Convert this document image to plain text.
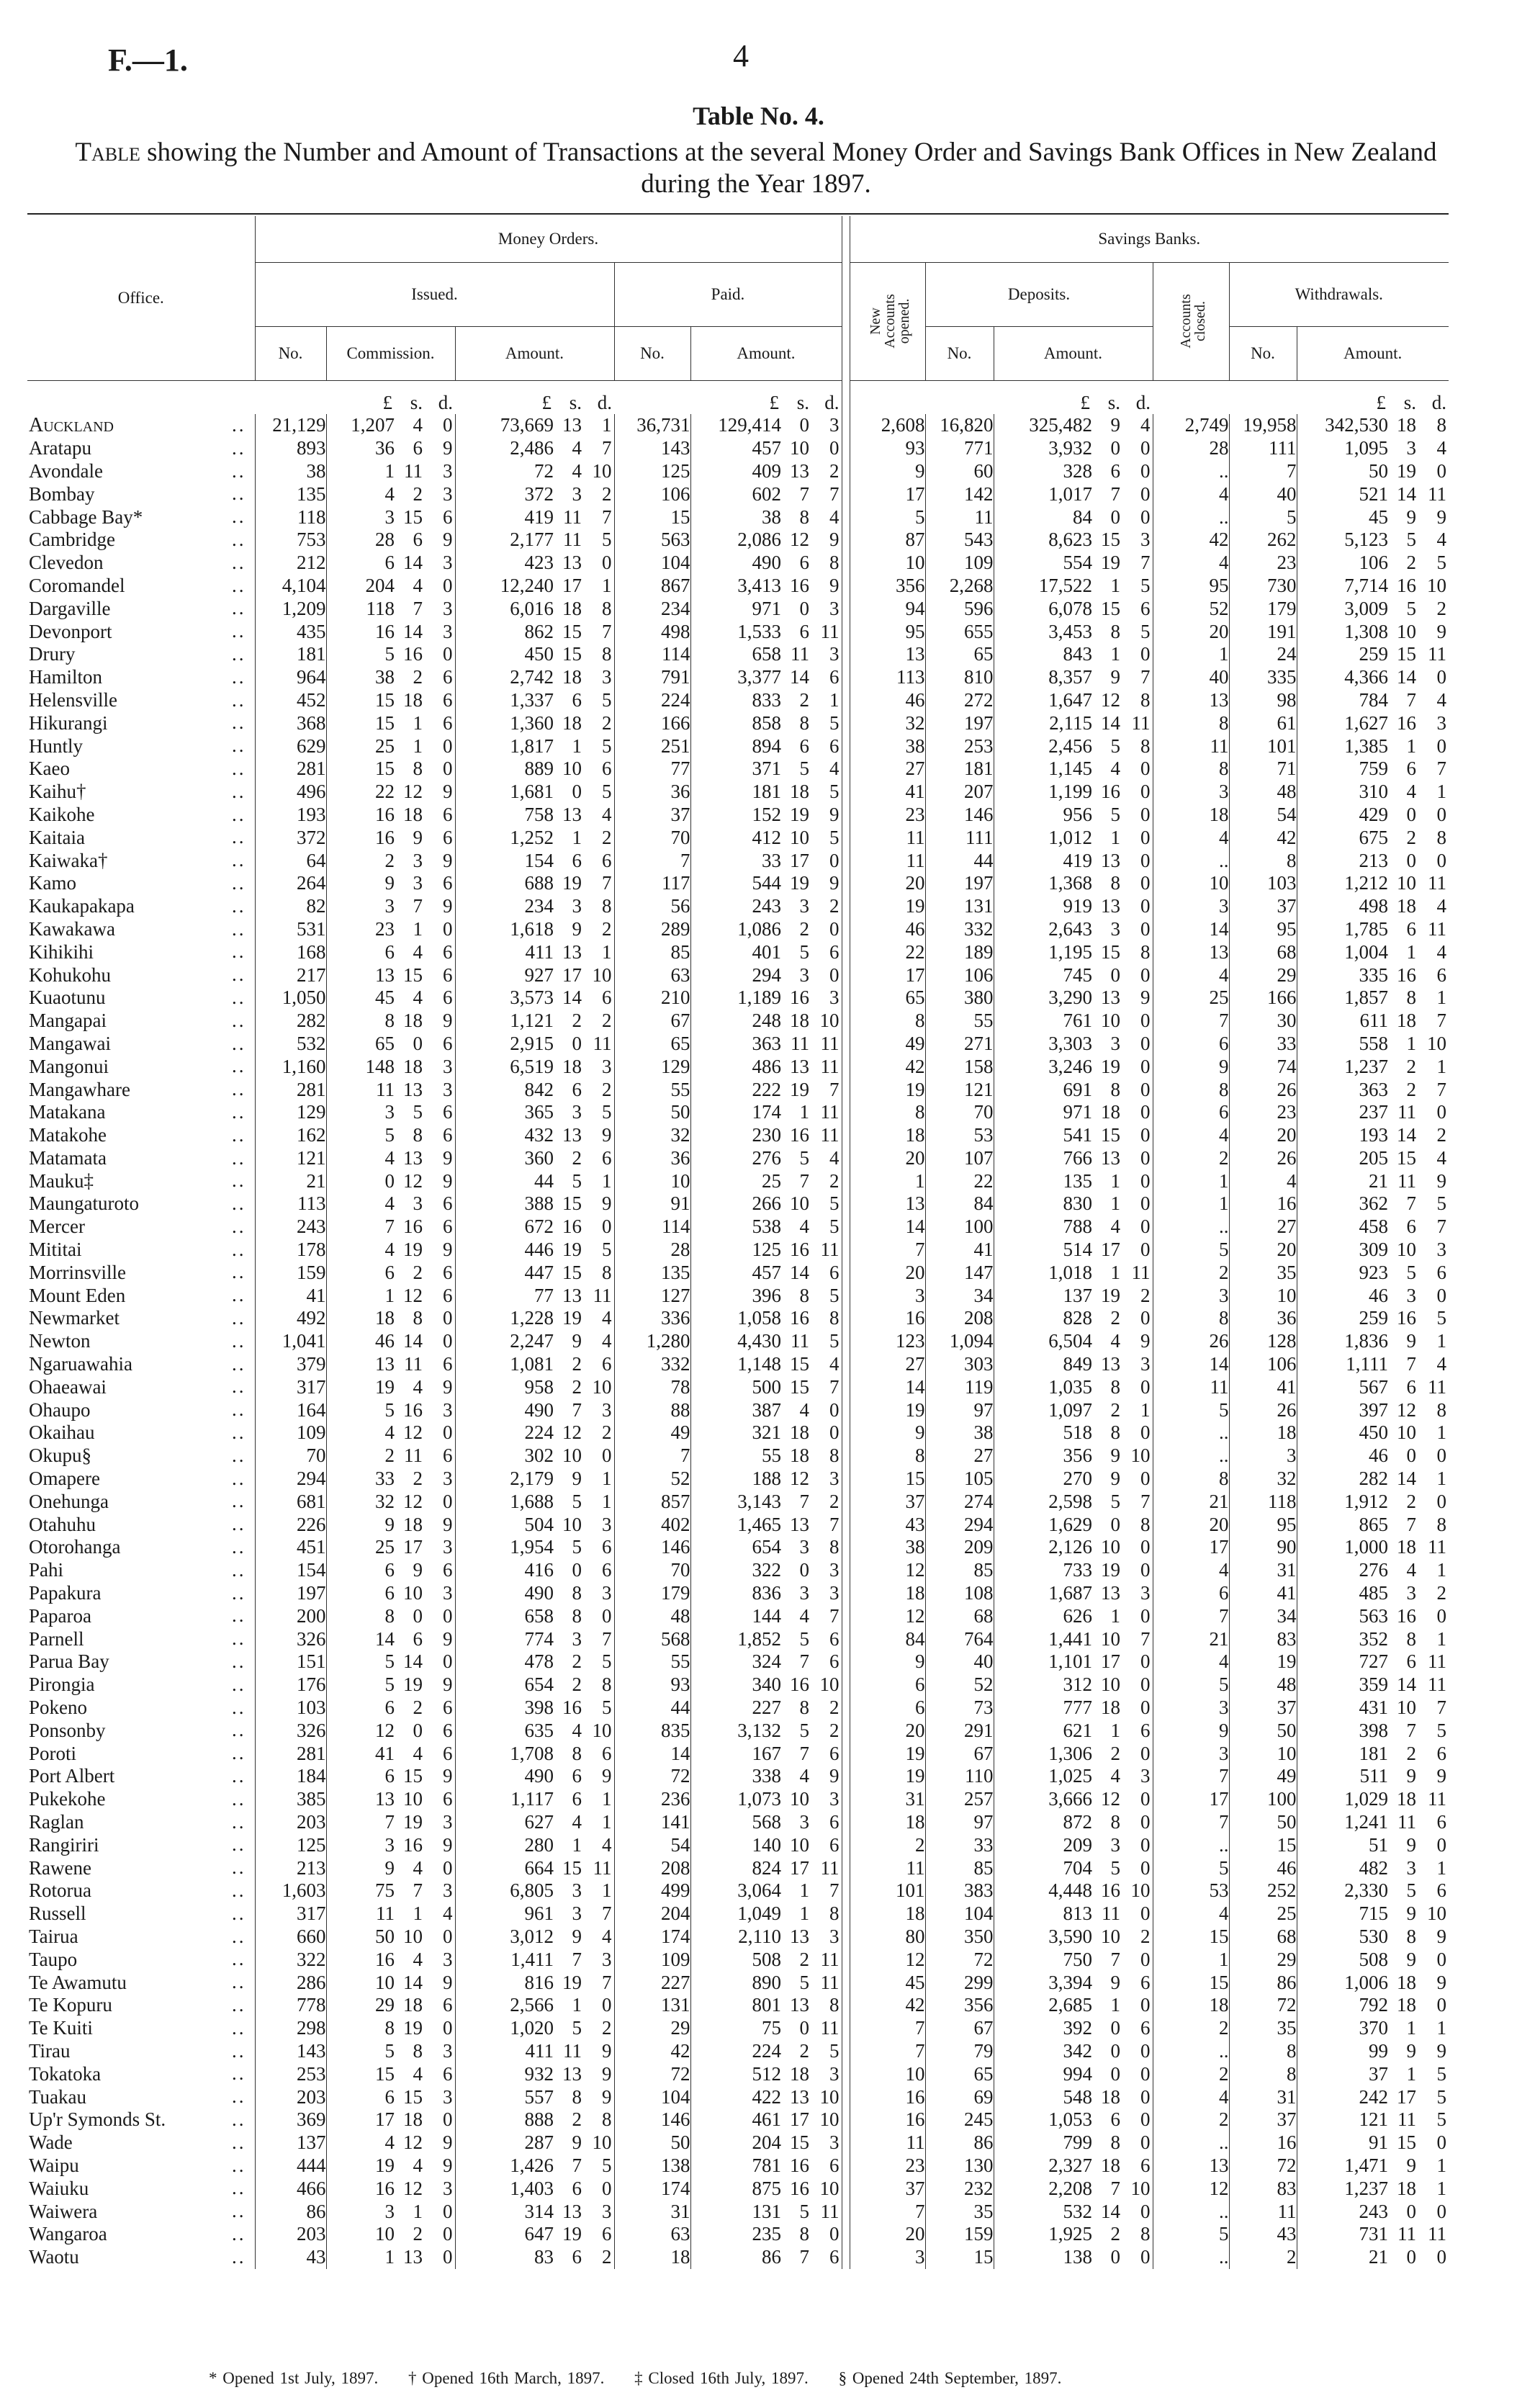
F.—1.	4
Table No. 4.
Table showing the Number and Amount of Transactions at the several Money Order and Savings Bank Offices in New Zealand during the Year 1897.
Office.	Money Orders.												Savings Banks.									
	Issued.							Paid.					New Accounts opened.	Deposits.				Accounts closed.	Withdrawals.			
	No.	Commission.			Amount.			No.	Amount.					No.	Amount.				No.	Amount.		
		£	s.	d.	£	s.	d.		£	s.	d.				£	s.	d.			£	s.	d.
Auckland ..	21,129	1,207	4	0	73,669	13	1	36,731	129,414	0	3		2,608	16,820	325,482	9	4	2,749	19,958	342,530	18	8
Aratapu ..	893	36	6	9	2,486	4	7	143	457	10	0		93	771	3,932	0	0	28	111	1,095	3	4
Avondale ..	38	1	11	3	72	4	10	125	409	13	2		9	60	328	6	0	..	7	50	19	0
Bombay ..	135	4	2	3	372	3	2	106	602	7	7		17	142	1,017	7	0	4	40	521	14	11
Cabbage Bay* ..	118	3	15	6	419	11	7	15	38	8	4		5	11	84	0	0	..	5	45	9	9
Cambridge ..	753	28	6	9	2,177	11	5	563	2,086	12	9		87	543	8,623	15	3	42	262	5,123	5	4
Clevedon ..	212	6	14	3	423	13	0	104	490	6	8		10	109	554	19	7	4	23	106	2	5
Coromandel ..	4,104	204	4	0	12,240	17	1	867	3,413	16	9		356	2,268	17,522	1	5	95	730	7,714	16	10
Dargaville ..	1,209	118	7	3	6,016	18	8	234	971	0	3		94	596	6,078	15	6	52	179	3,009	5	2
Devonport ..	435	16	14	3	862	15	7	498	1,533	6	11		95	655	3,453	8	5	20	191	1,308	10	9
Drury ..	181	5	16	0	450	15	8	114	658	11	3		13	65	843	1	0	1	24	259	15	11
Hamilton ..	964	38	2	6	2,742	18	3	791	3,377	14	6		113	810	8,357	9	7	40	335	4,366	14	0
Helensville ..	452	15	18	6	1,337	6	5	224	833	2	1		46	272	1,647	12	8	13	98	784	7	4
Hikurangi ..	368	15	1	6	1,360	18	2	166	858	8	5		32	197	2,115	14	11	8	61	1,627	16	3
Huntly ..	629	25	1	0	1,817	1	5	251	894	6	6		38	253	2,456	5	8	11	101	1,385	1	0
Kaeo ..	281	15	8	0	889	10	6	77	371	5	4		27	181	1,145	4	0	8	71	759	6	7
Kaihu† ..	496	22	12	9	1,681	0	5	36	181	18	5		41	207	1,199	16	0	3	48	310	4	1
Kaikohe ..	193	16	18	6	758	13	4	37	152	19	9		23	146	956	5	0	18	54	429	0	0
Kaitaia ..	372	16	9	6	1,252	1	2	70	412	10	5		11	111	1,012	1	0	4	42	675	2	8
Kaiwaka† ..	64	2	3	9	154	6	6	7	33	17	0		11	44	419	13	0	..	8	213	0	0
Kamo ..	264	9	3	6	688	19	7	117	544	19	9		20	197	1,368	8	0	10	103	1,212	10	11
Kaukapakapa ..	82	3	7	9	234	3	8	56	243	3	2		19	131	919	13	0	3	37	498	18	4
Kawakawa ..	531	23	1	0	1,618	9	2	289	1,086	2	0		46	332	2,643	3	0	14	95	1,785	6	11
Kihikihi ..	168	6	4	6	411	13	1	85	401	5	6		22	189	1,195	15	8	13	68	1,004	1	4
Kohukohu ..	217	13	15	6	927	17	10	63	294	3	0		17	106	745	0	0	4	29	335	16	6
Kuaotunu ..	1,050	45	4	6	3,573	14	6	210	1,189	16	3		65	380	3,290	13	9	25	166	1,857	8	1
Mangapai ..	282	8	18	9	1,121	2	2	67	248	18	10		8	55	761	10	0	7	30	611	18	7
Mangawai ..	532	65	0	6	2,915	0	11	65	363	11	11		49	271	3,303	3	0	6	33	558	1	10
Mangonui ..	1,160	148	18	3	6,519	18	3	129	486	13	11		42	158	3,246	19	0	9	74	1,237	2	1
Mangawhare ..	281	11	13	3	842	6	2	55	222	19	7		19	121	691	8	0	8	26	363	2	7
Matakana ..	129	3	5	6	365	3	5	50	174	1	11		8	70	971	18	0	6	23	237	11	0
Matakohe ..	162	5	8	6	432	13	9	32	230	16	11		18	53	541	15	0	4	20	193	14	2
Matamata ..	121	4	13	9	360	2	6	36	276	5	4		20	107	766	13	0	2	26	205	15	4
Mauku‡ ..	21	0	12	9	44	5	1	10	25	7	2		1	22	135	1	0	1	4	21	11	9
Maungaturoto ..	113	4	3	6	388	15	9	91	266	10	5		13	84	830	1	0	1	16	362	7	5
Mercer ..	243	7	16	6	672	16	0	114	538	4	5		14	100	788	4	0	..	27	458	6	7
Mititai ..	178	4	19	9	446	19	5	28	125	16	11		7	41	514	17	0	5	20	309	10	3
Morrinsville ..	159	6	2	6	447	15	8	135	457	14	6		20	147	1,018	1	11	2	35	923	5	6
Mount Eden ..	41	1	12	6	77	13	11	127	396	8	5		3	34	137	19	2	3	10	46	3	0
Newmarket ..	492	18	8	0	1,228	19	4	336	1,058	16	8		16	208	828	2	0	8	36	259	16	5
Newton ..	1,041	46	14	0	2,247	9	4	1,280	4,430	11	5		123	1,094	6,504	4	9	26	128	1,836	9	1
Ngaruawahia ..	379	13	11	6	1,081	2	6	332	1,148	15	4		27	303	849	13	3	14	106	1,111	7	4
Ohaeawai ..	317	19	4	9	958	2	10	78	500	15	7		14	119	1,035	8	0	11	41	567	6	11
Ohaupo ..	164	5	16	3	490	7	3	88	387	4	0		19	97	1,097	2	1	5	26	397	12	8
Okaihau ..	109	4	12	0	224	12	2	49	321	18	0		9	38	518	8	0	..	18	450	10	1
Okupu§ ..	70	2	11	6	302	10	0	7	55	18	8		8	27	356	9	10	..	3	46	0	0
Omapere ..	294	33	2	3	2,179	9	1	52	188	12	3		15	105	270	9	0	8	32	282	14	1
Onehunga ..	681	32	12	0	1,688	5	1	857	3,143	7	2		37	274	2,598	5	7	21	118	1,912	2	0
Otahuhu ..	226	9	18	9	504	10	3	402	1,465	13	7		43	294	1,629	0	8	20	95	865	7	8
Otorohanga ..	451	25	17	3	1,954	5	6	146	654	3	8		38	209	2,126	10	0	17	90	1,000	18	11
Pahi ..	154	6	9	6	416	0	6	70	322	0	3		12	85	733	19	0	4	31	276	4	1
Papakura ..	197	6	10	3	490	8	3	179	836	3	3		18	108	1,687	13	3	6	41	485	3	2
Paparoa ..	200	8	0	0	658	8	0	48	144	4	7		12	68	626	1	0	7	34	563	16	0
Parnell ..	326	14	6	9	774	3	7	568	1,852	5	6		84	764	1,441	10	7	21	83	352	8	1
Parua Bay ..	151	5	14	0	478	2	5	55	324	7	6		9	40	1,101	17	0	4	19	727	6	11
Pirongia ..	176	5	19	9	654	2	8	93	340	16	10		6	52	312	10	0	5	48	359	14	11
Pokeno ..	103	6	2	6	398	16	5	44	227	8	2		6	73	777	18	0	3	37	431	10	7
Ponsonby ..	326	12	0	6	635	4	10	835	3,132	5	2		20	291	621	1	6	9	50	398	7	5
Poroti ..	281	41	4	6	1,708	8	6	14	167	7	6		19	67	1,306	2	0	3	10	181	2	6
Port Albert ..	184	6	15	9	490	6	9	72	338	4	9		19	110	1,025	4	3	7	49	511	9	9
Pukekohe ..	385	13	10	6	1,117	6	1	236	1,073	10	3		31	257	3,666	12	0	17	100	1,029	18	11
Raglan ..	203	7	19	3	627	4	1	141	568	3	6		18	97	872	8	0	7	50	1,241	11	6
Rangiriri ..	125	3	16	9	280	1	4	54	140	10	6		2	33	209	3	0	..	15	51	9	0
Rawene ..	213	9	4	0	664	15	11	208	824	17	11		11	85	704	5	0	5	46	482	3	1
Rotorua ..	1,603	75	7	3	6,805	3	1	499	3,064	1	7		101	383	4,448	16	10	53	252	2,330	5	6
Russell ..	317	11	1	4	961	3	7	204	1,049	1	8		18	104	813	11	0	4	25	715	9	10
Tairua ..	660	50	10	0	3,012	9	4	174	2,110	13	3		80	350	3,590	10	2	15	68	530	8	9
Taupo ..	322	16	4	3	1,411	7	3	109	508	2	11		12	72	750	7	0	1	29	508	9	0
Te Awamutu ..	286	10	14	9	816	19	7	227	890	5	11		45	299	3,394	9	6	15	86	1,006	18	9
Te Kopuru ..	778	29	18	6	2,566	1	0	131	801	13	8		42	356	2,685	1	0	18	72	792	18	0
Te Kuiti ..	298	8	19	0	1,020	5	2	29	75	0	11		7	67	392	0	6	2	35	370	1	1
Tirau ..	143	5	8	3	411	11	9	42	224	2	5		7	79	342	0	0	..	8	99	9	9
Tokatoka ..	253	15	4	6	932	13	9	72	512	18	3		10	65	994	0	0	2	8	37	1	5
Tuakau ..	203	6	15	3	557	8	9	104	422	13	10		16	69	548	18	0	4	31	242	17	5
Up'r Symonds St. ..	369	17	18	0	888	2	8	146	461	17	10		16	245	1,053	6	0	2	37	121	11	5
Wade ..	137	4	12	9	287	9	10	50	204	15	3		11	86	799	8	0	..	16	91	15	0
Waipu ..	444	19	4	9	1,426	7	5	138	781	16	6		23	130	2,327	18	6	13	72	1,471	9	1
Waiuku ..	466	16	12	3	1,403	6	0	174	875	16	10		37	232	2,208	7	10	12	83	1,237	18	1
Waiwera ..	86	3	1	0	314	13	3	31	131	5	11		7	35	532	14	0	..	11	243	0	0
Wangaroa ..	203	10	2	0	647	19	6	63	235	8	0		20	159	1,925	2	8	5	43	731	11	11
Waotu ..	43	1	13	0	83	6	2	18	86	7	6		3	15	138	0	0	..	2	21	0	0
* Opened 1st July, 1897. † Opened 16th March, 1897. ‡ Closed 16th July, 1897. § Opened 24th September, 1897.
